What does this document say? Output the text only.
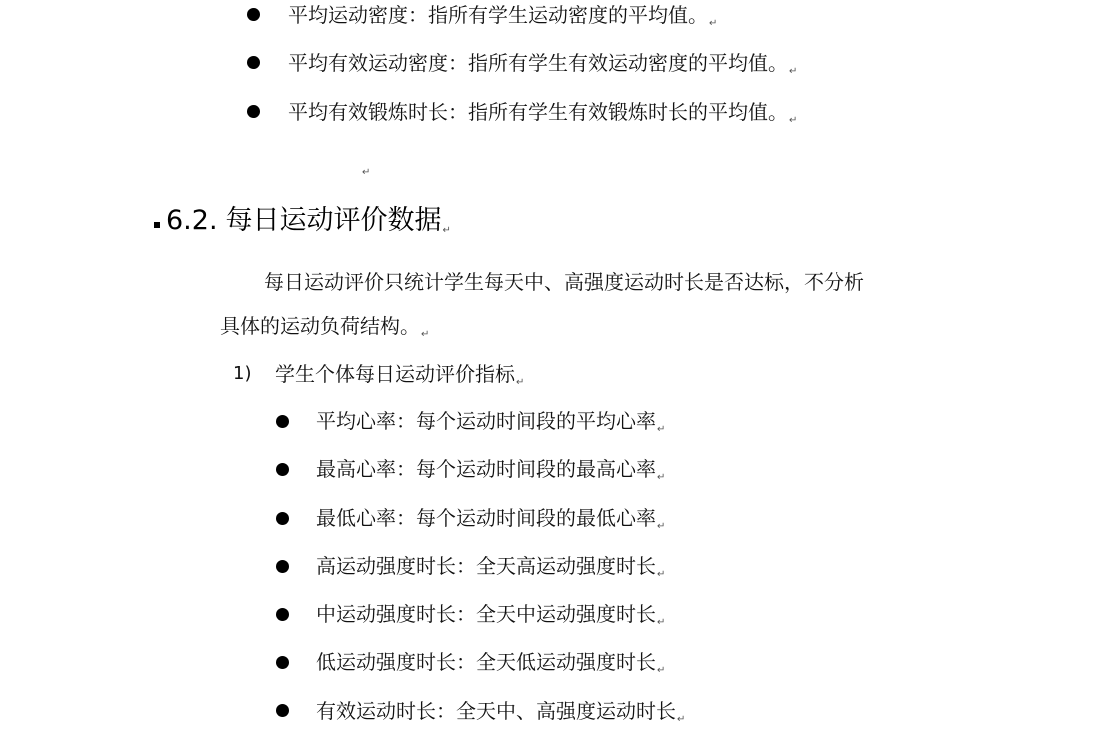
平均运动密度：指所有学生运动密度的平均值。$_↵$
平均有效运动密度：指所有学生有效运动密度的平均值。$_↵$
平均有效锻炼时长：指所有学生有效锻炼时长的平均值。$_↵$
$_↵$
6.2. 每日运动评价数据↵
每日运动评价只统计学生每天中、高强度运动时长是否达标，不分析
具体的运动负荷结构。$_↵$
1) 学生个体每日运动评价指标$_↵$
平均心率：每个运动时间段的平均心率$_↵$
最高心率：每个运动时间段的最高心率$_↵$
最低心率：每个运动时间段的最低心率$_↵$
高运动强度时长：全天高运动强度时长$_↵$
中运动强度时长：全天中运动强度时长$_↵$
低运动强度时长：全天低运动强度时长$_↵$
有效运动时长：全天中、高强度运动时长$_↵$
